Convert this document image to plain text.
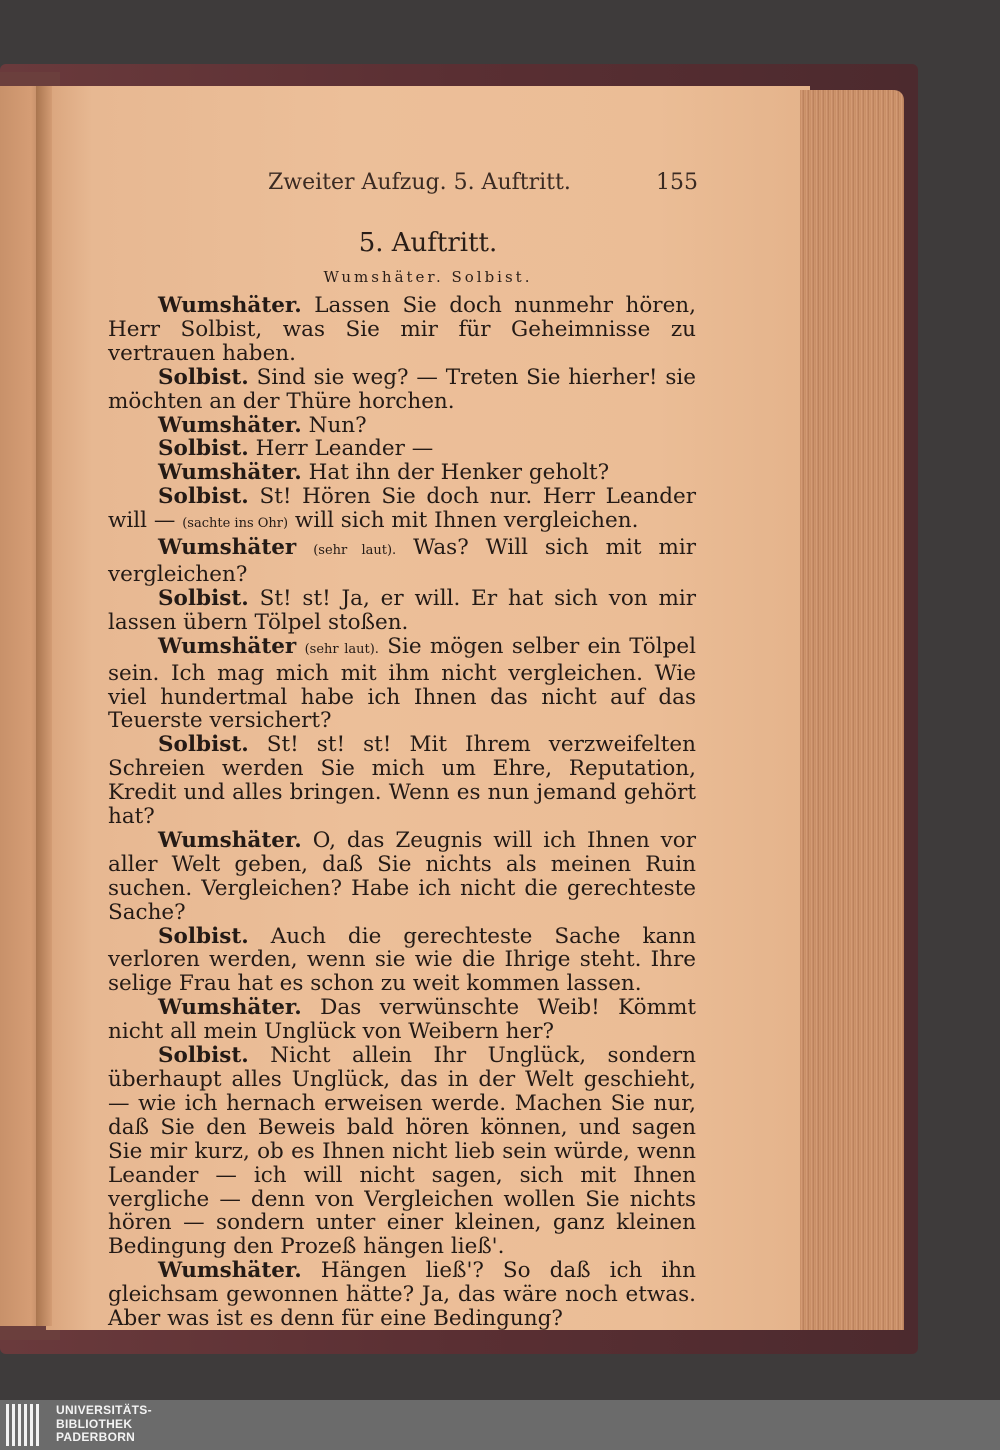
Zweiter Aufzug. 5. Auftritt.	155
5. Auftritt.
Wumshäter. Solbist.

Wumshäter. Lassen Sie doch nunmehr hören, Herr Solbist, was Sie mir für Geheimnisse zu vertrauen haben.

Solbist. Sind sie weg? — Treten Sie hierher! sie möchten an der Thüre horchen.

Wumshäter. Nun?

Solbist. Herr Leander —

Wumshäter. Hat ihn der Henker geholt?

Solbist. St! Hören Sie doch nur. Herr Leander will — (sachte ins Ohr) will sich mit Ihnen vergleichen.

Wumshäter (sehr laut). Was? Will sich mit mir vergleichen?

Solbist. St! st! Ja, er will. Er hat sich von mir lassen übern Tölpel stoßen.

Wumshäter (sehr laut). Sie mögen selber ein Tölpel sein. Ich mag mich mit ihm nicht vergleichen. Wie viel hundertmal habe ich Ihnen das nicht auf das Teuerste versichert?

Solbist. St! st! st! Mit Ihrem verzweifelten Schreien werden Sie mich um Ehre, Reputation, Kredit und alles bringen. Wenn es nun jemand gehört hat?

Wumshäter. O, das Zeugnis will ich Ihnen vor aller Welt geben, daß Sie nichts als meinen Ruin suchen. Vergleichen? Habe ich nicht die gerechteste Sache?

Solbist. Auch die gerechteste Sache kann verloren werden, wenn sie wie die Ihrige steht. Ihre selige Frau hat es schon zu weit kommen lassen.

Wumshäter. Das verwünschte Weib! Kömmt nicht all mein Unglück von Weibern her?

Solbist. Nicht allein Ihr Unglück, sondern überhaupt alles Unglück, das in der Welt geschieht, — wie ich hernach erweisen werde. Machen Sie nur, daß Sie den Beweis bald hören können, und sagen Sie mir kurz, ob es Ihnen nicht lieb sein würde, wenn Leander — ich will nicht sagen, sich mit Ihnen vergliche — denn von Vergleichen wollen Sie nichts hören — sondern unter einer kleinen, ganz kleinen Bedingung den Prozeß hängen ließ'.

Wumshäter. Hängen ließ'? So daß ich ihn gleichsam gewonnen hätte? Ja, das wäre noch etwas. Aber was ist es denn für eine Bedingung?

UNIVERSITÄTS-
BIBLIOTHEK
PADERBORN
